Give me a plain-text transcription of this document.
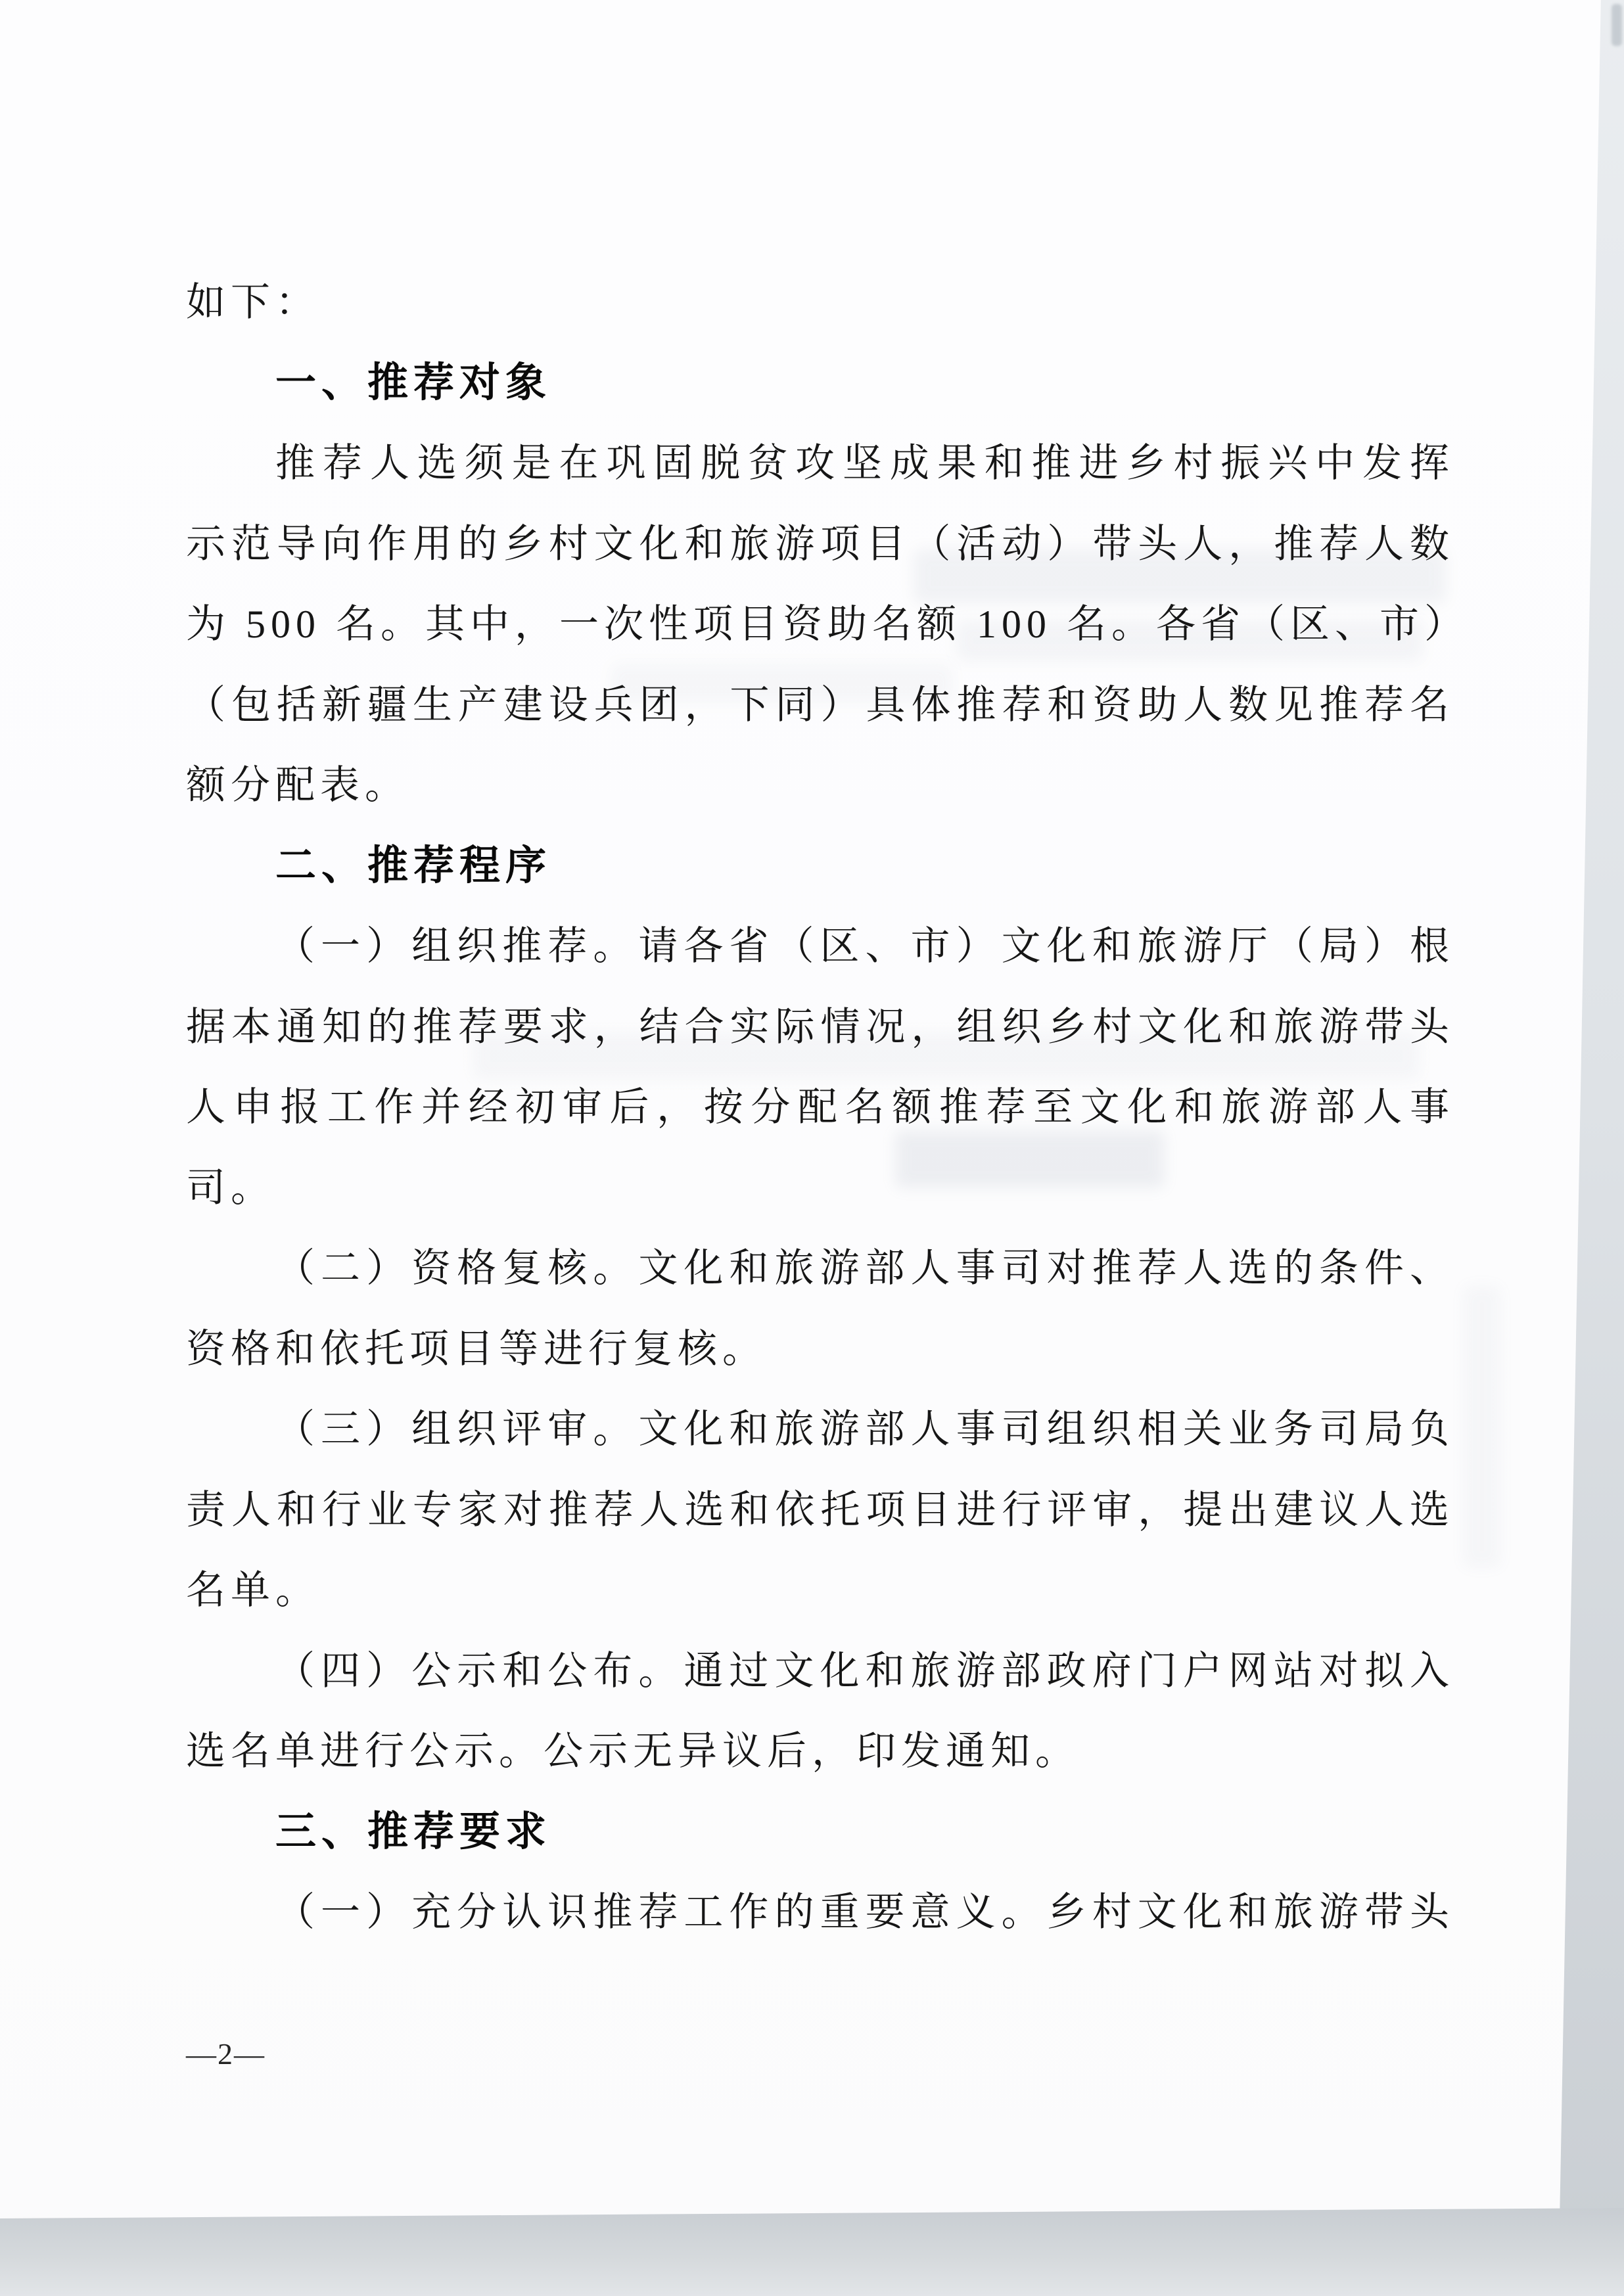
如下：
一、推荐对象
推荐人选须是在巩固脱贫攻坚成果和推进乡村振兴中发挥
示范导向作用的乡村文化和旅游项目（活动）带头人，推荐人数
为 500 名。其中，一次性项目资助名额 100 名。各省（区、市）
（包括新疆生产建设兵团，下同）具体推荐和资助人数见推荐名
额分配表。
二、推荐程序
（一）组织推荐。请各省（区、市）文化和旅游厅（局）根
据本通知的推荐要求，结合实际情况，组织乡村文化和旅游带头
人申报工作并经初审后，按分配名额推荐至文化和旅游部人事
司。
（二）资格复核。文化和旅游部人事司对推荐人选的条件、
资格和依托项目等进行复核。
（三）组织评审。文化和旅游部人事司组织相关业务司局负
责人和行业专家对推荐人选和依托项目进行评审，提出建议人选
名单。
（四）公示和公布。通过文化和旅游部政府门户网站对拟入
选名单进行公示。公示无异议后，印发通知。
三、推荐要求
（一）充分认识推荐工作的重要意义。乡村文化和旅游带头
—2—
